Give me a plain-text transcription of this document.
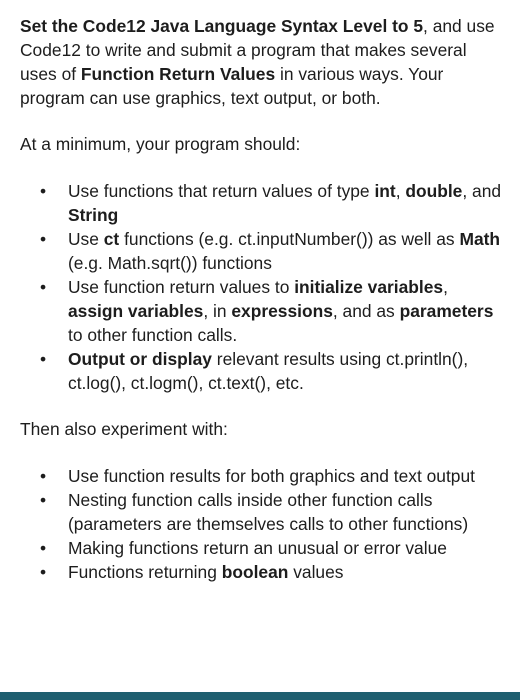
Set the Code12 Java Language Syntax Level to 5, and use Code12 to write and submit a program that makes several uses of Function Return Values in various ways. Your program can use graphics, text output, or both.

At a minimum, your program should:

• Use functions that return values of type int, double, and String
• Use ct functions (e.g. ct.inputNumber()) as well as Math (e.g. Math.sqrt()) functions
• Use function return values to initialize variables, assign variables, in expressions, and as parameters to other function calls.
• Output or display relevant results using ct.println(), ct.log(), ct.logm(), ct.text(), etc.

Then also experiment with:

• Use function results for both graphics and text output
• Nesting function calls inside other function calls (parameters are themselves calls to other functions)
• Making functions return an unusual or error value
• Functions returning boolean values
